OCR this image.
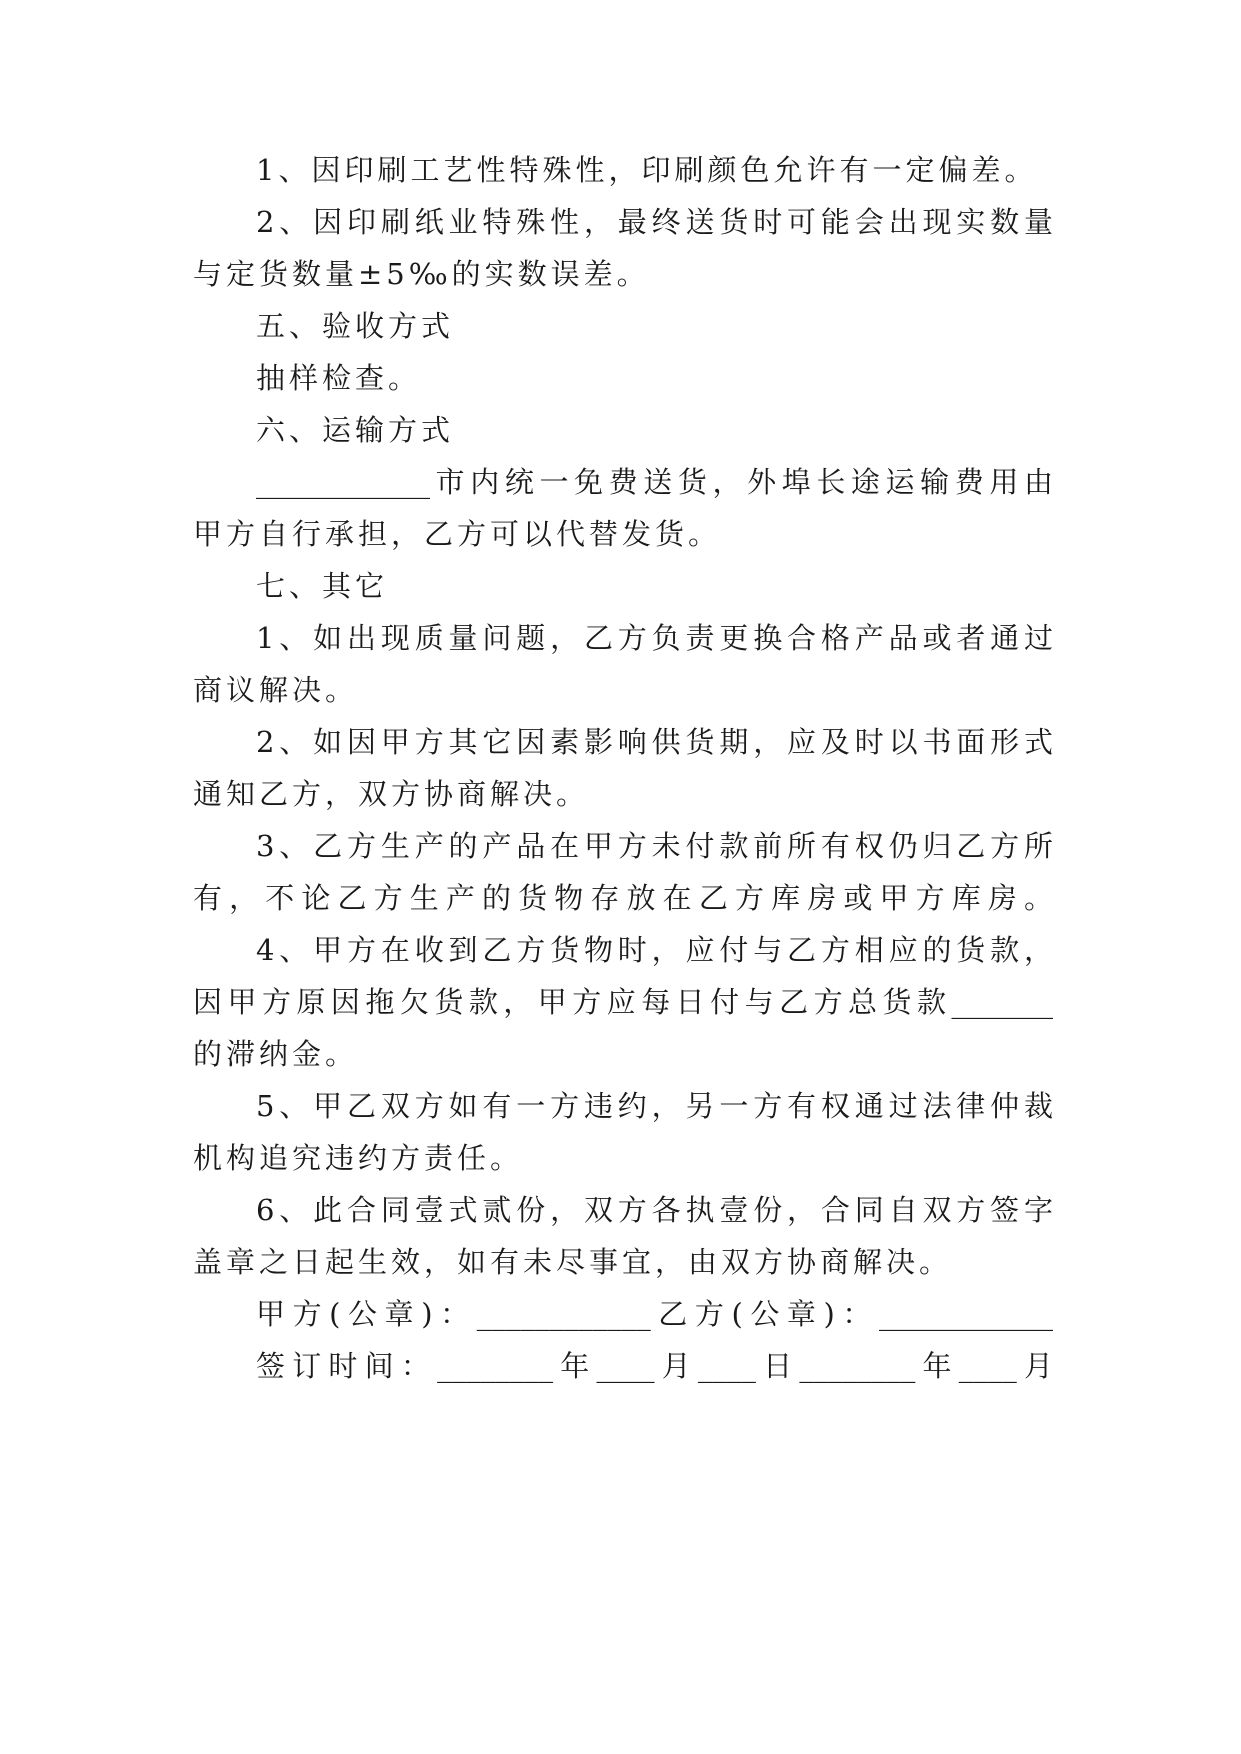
1、因印刷工艺性特殊性，印刷颜色允许有一定偏差。
2、因印刷纸业特殊性，最终送货时可能会出现实数量
与定货数量±5‰的实数误差。
五、验收方式
抽样检查。
六、运输方式
____________市内统一免费送货，外埠长途运输费用由
甲方自行承担，乙方可以代替发货。
七、其它
1、如出现质量问题，乙方负责更换合格产品或者通过
商议解决。
2、如因甲方其它因素影响供货期，应及时以书面形式
通知乙方，双方协商解决。
3、乙方生产的产品在甲方未付款前所有权仍归乙方所
有，不论乙方生产的货物存放在乙方库房或甲方库房。
4、甲方在收到乙方货物时，应付与乙方相应的货款，
因甲方原因拖欠货款，甲方应每日付与乙方总货款_______
的滞纳金。
5、甲乙双方如有一方违约，另一方有权通过法律仲裁
机构追究违约方责任。
6、此合同壹式贰份，双方各执壹份，合同自双方签字
盖章之日起生效，如有未尽事宜，由双方协商解决。
甲方(公章)：____________乙方(公章)：____________
签订时间：________年____月____日________年____月
